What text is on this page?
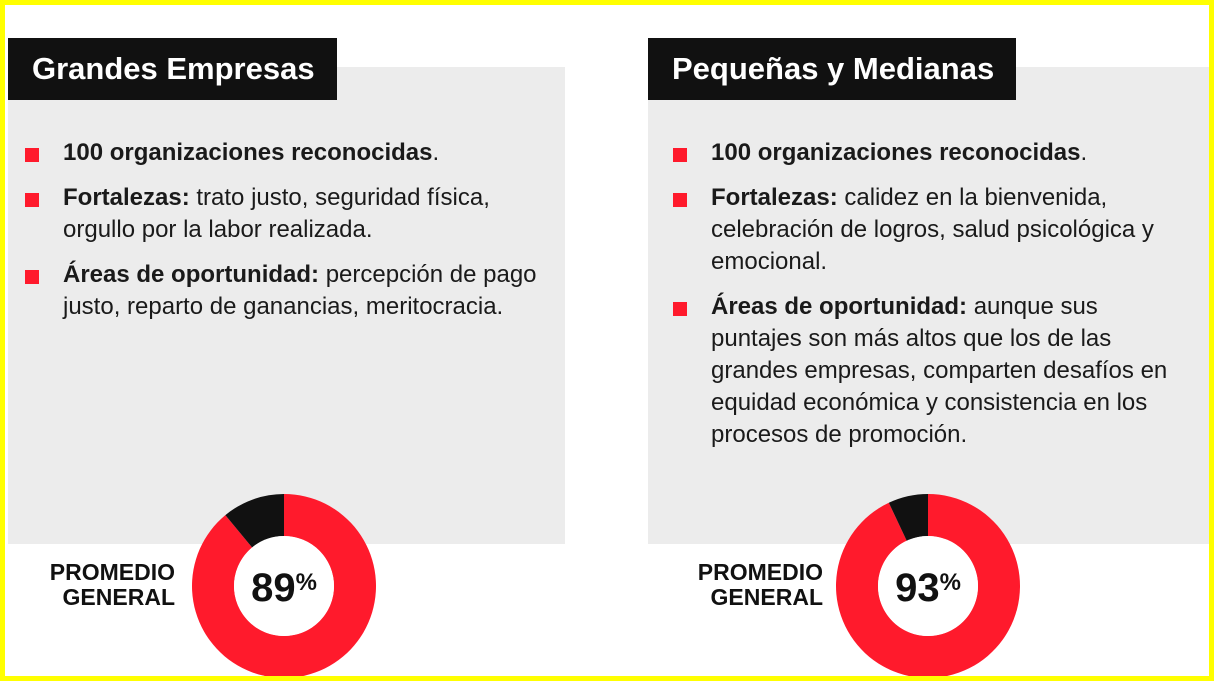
Grandes Empresas
100 organizaciones reconocidas.
Fortalezas: trato justo, seguridad física, orgullo por la labor realizada.
Áreas de oportunidad: percepción de pago justo, reparto de ganancias, meritocracia.
PROMEDIO
GENERAL 89%
Pequeñas y Medianas
100 organizaciones reconocidas.
Fortalezas: calidez en la bienvenida, celebración de logros, salud psicológica y emocional.
Áreas de oportunidad: aunque sus puntajes son más altos que los de las grandes empresas, comparten desafíos en equidad económica y consistencia en los procesos de promoción.
PROMEDIO
GENERAL 93%
